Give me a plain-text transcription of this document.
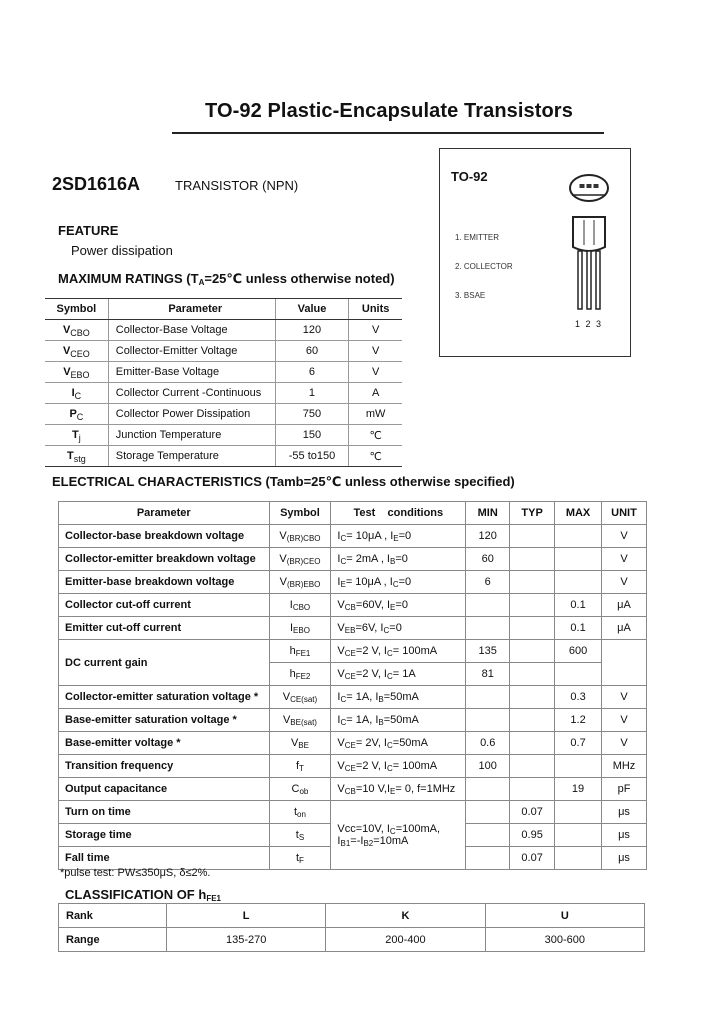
TO-92 Plastic-Encapsulate Transistors
2SD1616A	TRANSISTOR (NPN)
FEATURE
Power dissipation
TO-92
1. EMITTER
2. COLLECTOR
3. BSAE
1 2 3
MAXIMUM RATINGS ($T_A=25℃$ unless otherwise noted)
Symbol	Parameter	Value	Units
$V_{CBO}$	Collector-Base Voltage	120	V
$V_{CEO}$	Collector-Emitter Voltage	60	V
$V_{EBO}$	Emitter-Base Voltage	6	V
$I_C$	Collector Current -Continuous	1	A
$P_C$	Collector Power Dissipation	750	mW
$T_j$	Junction Temperature	150	℃
$T_{stg}$	Storage Temperature	-55 to150	℃
ELECTRICAL CHARACTERISTICS (Tamb=25℃ unless otherwise specified)
Parameter	Symbol	Test    conditions	MIN	TYP	MAX	UNIT
Collector-base breakdown voltage	$V_{(BR)CBO}$	$I_C= 10\mu A$ , $I_E=0$	120			V
Collector-emitter breakdown voltage	$V_{(BR)CEO}$	$I_C= 2mA$ , $I_B=0$	60			V
Emitter-base breakdown voltage	$V_{(BR)EBO}$	$I_E= 10\mu A$ , $I_C=0$	6			V
Collector cut-off current	$I_{CBO}$	$V_{CB}=60V$, $I_E=0$			0.1	μA
Emitter cut-off current	$I_{EBO}$	$V_{EB}=6V$, $I_C=0$			0.1	μA
DC current gain	$h_{FE1}$	$V_{CE}=2$ V, $I_C= 100mA$	135		600	
	$h_{FE2}$	$V_{CE}=2$ V, $I_C= 1A$	81			
Collector-emitter saturation voltage *	$V_{CE(sat)}$	$I_C= 1A$, $I_B=50mA$			0.3	V
Base-emitter saturation voltage *	$V_{BE(sat)}$	$I_C= 1A$, $I_B=50mA$			1.2	V
Base-emitter voltage *	$V_{BE}$	$V_{CE}= 2V$, $I_C=50mA$	0.6		0.7	V
Transition frequency	$f_T$	$V_{CE}=2$ V, $I_C= 100mA$	100			MHz
Output capacitance	$C_{ob}$	$V_{CB}=10$ $V,I_E= 0$, f=1MHz			19	pF
Turn on time	$t_{on}$	Vcc=10V, $I_C=100mA$,
$I_{B1}=-I_{B2}=10mA$		0.07		μs
Storage time	$t_S$			0.95		μs
Fall time	$t_F$			0.07		μs
*pulse test: PW≤350μS, δ≤2%.
CLASSIFICATION OF $h_{FE1}$
Rank	L	K	U
Range	135-270	200-400	300-600
